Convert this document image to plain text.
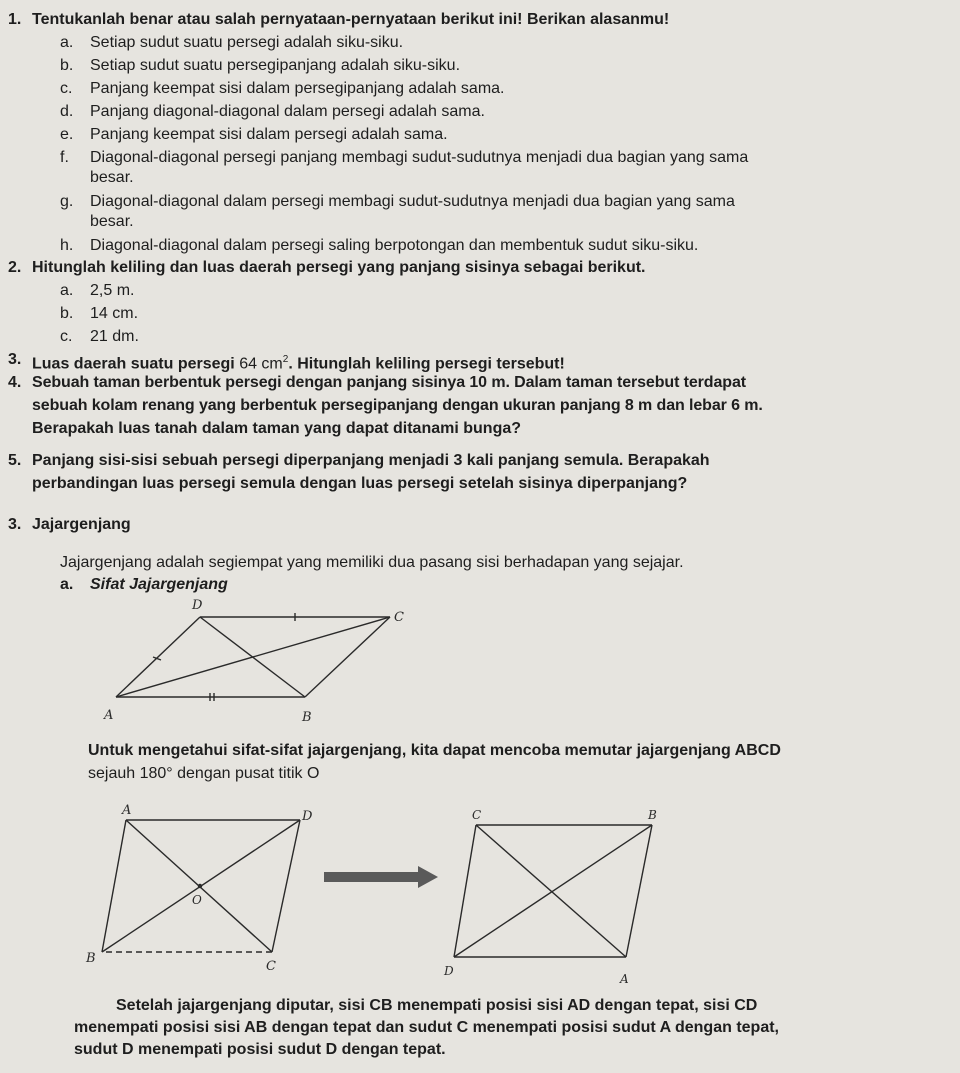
1. Tentukanlah benar atau salah pernyataan-pernyataan berikut ini! Berikan alasanmu!
a. Setiap sudut suatu persegi adalah siku-siku.
b. Setiap sudut suatu persegipanjang adalah siku-siku.
c. Panjang keempat sisi dalam persegipanjang adalah sama.
d. Panjang diagonal-diagonal dalam persegi adalah sama.
e. Panjang keempat sisi dalam persegi adalah sama.
f. Diagonal-diagonal persegi panjang membagi sudut-sudutnya menjadi dua bagian yang sama
besar.
g. Diagonal-diagonal dalam persegi membagi sudut-sudutnya menjadi dua bagian yang sama
besar.
h. Diagonal-diagonal dalam persegi saling berpotongan dan membentuk sudut siku-siku.
2. Hitunglah keliling dan luas daerah persegi yang panjang sisinya sebagai berikut.
a. 2,5 m.
b. 14 cm.
c. 21 dm.
3. Luas daerah suatu persegi 64 $cm^2$. Hitunglah keliling persegi tersebut!
4. Sebuah taman berbentuk persegi dengan panjang sisinya 10 m. Dalam taman tersebut terdapat
sebuah kolam renang yang berbentuk persegipanjang dengan ukuran panjang 8 m dan lebar 6 m.
Berapakah luas tanah dalam taman yang dapat ditanami bunga?
5. Panjang sisi-sisi sebuah persegi diperpanjang menjadi 3 kali panjang semula. Berapakah
perbandingan luas persegi semula dengan luas persegi setelah sisinya diperpanjang?
3. Jajargenjang
Jajargenjang adalah segiempat yang memiliki dua pasang sisi berhadapan yang sejajar.
a. Sifat Jajargenjang
D
C
A	B
Untuk mengetahui sifat-sifat jajargenjang, kita dapat mencoba memutar jajargenjang ABCD
sejauh 180° dengan pusat titik O
A	D
B
C
O
C	B
D
A
Setelah jajargenjang diputar, sisi CB menempati posisi sisi AD dengan tepat, sisi CD
menempati posisi sisi AB dengan tepat dan sudut C menempati posisi sudut A dengan tepat,
sudut D menempati posisi sudut D dengan tepat.
